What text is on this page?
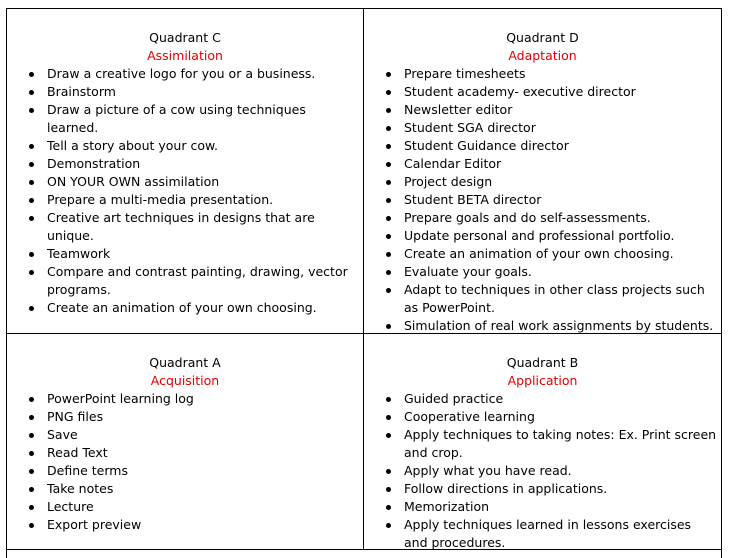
Quadrant C
Assimilation
Draw a creative logo for you or a business.
Brainstorm
Draw a picture of a cow using techniques learned.
Tell a story about your cow.
Demonstration
ON YOUR OWN assimilation
Prepare a multi-media presentation.
Creative art techniques in designs that are unique.
Teamwork
Compare and contrast painting, drawing, vector programs.
Create an animation of your own choosing.
Quadrant D
Adaptation
Prepare timesheets
Student academy- executive director
Newsletter editor
Student SGA director
Student Guidance director
Calendar Editor
Project design
Student BETA director
Prepare goals and do self-assessments.
Update personal and professional portfolio.
Create an animation of your own choosing.
Evaluate your goals.
Adapt to techniques in other class projects such as PowerPoint.
Simulation of real work assignments by students.
Quadrant A
Acquisition
PowerPoint learning log
PNG files
Save
Read Text
Define terms
Take notes
Lecture
Export preview
Quadrant B
Application
Guided practice
Cooperative learning
Apply techniques to taking notes: Ex. Print screen and crop.
Apply what you have read.
Follow directions in applications.
Memorization
Apply techniques learned in lessons exercises and procedures.
